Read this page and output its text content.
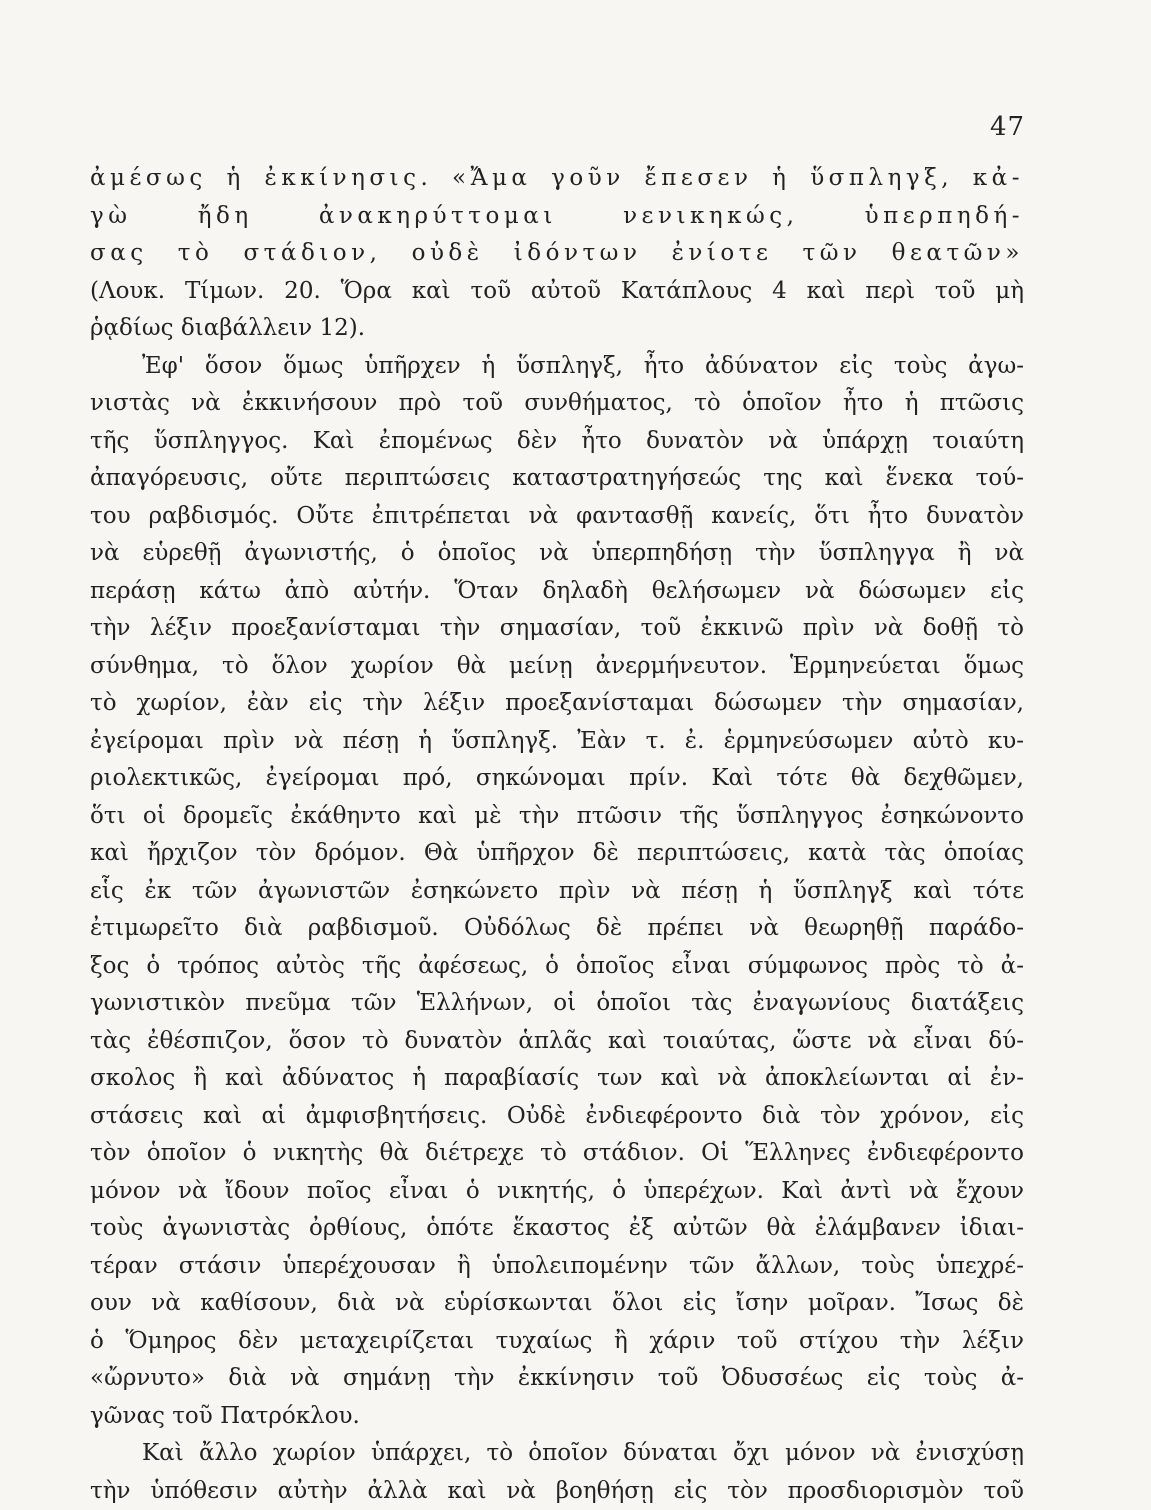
47
ἀμέσως ἡ ἐκκίνησις. «Ἄμα γοῦν ἔπεσεν ἡ ὕσπληγξ, κἀ-
γὼ ἤδη ἀνακηρύττομαι νενικηκώς, ὑπερπηδή-
σας τὸ στάδιον, οὐδὲ ἰδόντων ἐνίοτε τῶν θεατῶν»
(Λουκ. Τίμων. 20. Ὅρα καὶ τοῦ αὐτοῦ Κατάπλους 4 καὶ περὶ τοῦ μὴ
ῥᾳδίως διαβάλλειν 12).
Ἐφ' ὅσον ὅμως ὑπῆρχεν ἡ ὕσπληγξ, ἦτο ἀδύνατον εἰς τοὺς ἀγω-
νιστὰς νὰ ἐκκινήσουν πρὸ τοῦ συνθήματος, τὸ ὁποῖον ἦτο ἡ πτῶσις
τῆς ὕσπληγγος. Καὶ ἐπομένως δὲν ἦτο δυνατὸν νὰ ὑπάρχῃ τοιαύτη
ἀπαγόρευσις, οὔτε περιπτώσεις καταστρατηγήσεώς της καὶ ἕνεκα τού-
του ραβδισμός. Οὔτε ἐπιτρέπεται νὰ φαντασθῇ κανείς, ὅτι ἦτο δυνατὸν
νὰ εὑρεθῇ ἀγωνιστής, ὁ ὁποῖος νὰ ὑπερπηδήσῃ τὴν ὕσπληγγα ἢ νὰ
περάσῃ κάτω ἀπὸ αὐτήν. Ὅταν δηλαδὴ θελήσωμεν νὰ δώσωμεν εἰς
τὴν λέξιν προεξανίσταμαι τὴν σημασίαν, τοῦ ἐκκινῶ πρὶν νὰ δοθῇ τὸ
σύνθημα, τὸ ὅλον χωρίον θὰ μείνῃ ἀνερμήνευτον. Ἑρμηνεύεται ὅμως
τὸ χωρίον, ἐὰν εἰς τὴν λέξιν προεξανίσταμαι δώσωμεν τὴν σημασίαν,
ἐγείρομαι πρὶν νὰ πέσῃ ἡ ὕσπληγξ. Ἐὰν τ. ἐ. ἑρμηνεύσωμεν αὐτὸ κυ-
ριολεκτικῶς, ἐγείρομαι πρό, σηκώνομαι πρίν. Καὶ τότε θὰ δεχθῶμεν,
ὅτι οἱ δρομεῖς ἐκάθηντο καὶ μὲ τὴν πτῶσιν τῆς ὕσπληγγος ἐσηκώνοντο
καὶ ἤρχιζον τὸν δρόμον. Θὰ ὑπῆρχον δὲ περιπτώσεις, κατὰ τὰς ὁποίας
εἷς ἐκ τῶν ἀγωνιστῶν ἐσηκώνετο πρὶν νὰ πέσῃ ἡ ὕσπληγξ καὶ τότε
ἐτιμωρεῖτο διὰ ραβδισμοῦ. Οὐδόλως δὲ πρέπει νὰ θεωρηθῇ παράδο-
ξος ὁ τρόπος αὐτὸς τῆς ἀφέσεως, ὁ ὁποῖος εἶναι σύμφωνος πρὸς τὸ ἀ-
γωνιστικὸν πνεῦμα τῶν Ἑλλήνων, οἱ ὁποῖοι τὰς ἐναγωνίους διατάξεις
τὰς ἐθέσπιζον, ὅσον τὸ δυνατὸν ἁπλᾶς καὶ τοιαύτας, ὥστε νὰ εἶναι δύ-
σκολος ἢ καὶ ἀδύνατος ἡ παραβίασίς των καὶ νὰ ἀποκλείωνται αἱ ἐν-
στάσεις καὶ αἱ ἀμφισβητήσεις. Οὐδὲ ἐνδιεφέροντο διὰ τὸν χρόνον, εἰς
τὸν ὁποῖον ὁ νικητὴς θὰ διέτρεχε τὸ στάδιον. Οἱ Ἕλληνες ἐνδιεφέροντο
μόνον νὰ ἴδουν ποῖος εἶναι ὁ νικητής, ὁ ὑπερέχων. Καὶ ἀντὶ νὰ ἔχουν
τοὺς ἀγωνιστὰς ὀρθίους, ὁπότε ἕκαστος ἐξ αὐτῶν θὰ ἐλάμβανεν ἰδιαι-
τέραν στάσιν ὑπερέχουσαν ἢ ὑπολειπομένην τῶν ἄλλων, τοὺς ὑπεχρέ-
ουν νὰ καθίσουν, διὰ νὰ εὑρίσκωνται ὅλοι εἰς ἴσην μοῖραν. Ἴσως δὲ
ὁ Ὅμηρος δὲν μεταχειρίζεται τυχαίως ἢ χάριν τοῦ στίχου τὴν λέξιν
«ὤρνυτο» διὰ νὰ σημάνῃ τὴν ἐκκίνησιν τοῦ Ὀδυσσέως εἰς τοὺς ἀ-
γῶνας τοῦ Πατρόκλου.
Καὶ ἄλλο χωρίον ὑπάρχει, τὸ ὁποῖον δύναται ὄχι μόνον νὰ ἐνισχύσῃ
τὴν ὑπόθεσιν αὐτὴν ἀλλὰ καὶ νὰ βοηθήσῃ εἰς τὸν προσδιορισμὸν τοῦ
